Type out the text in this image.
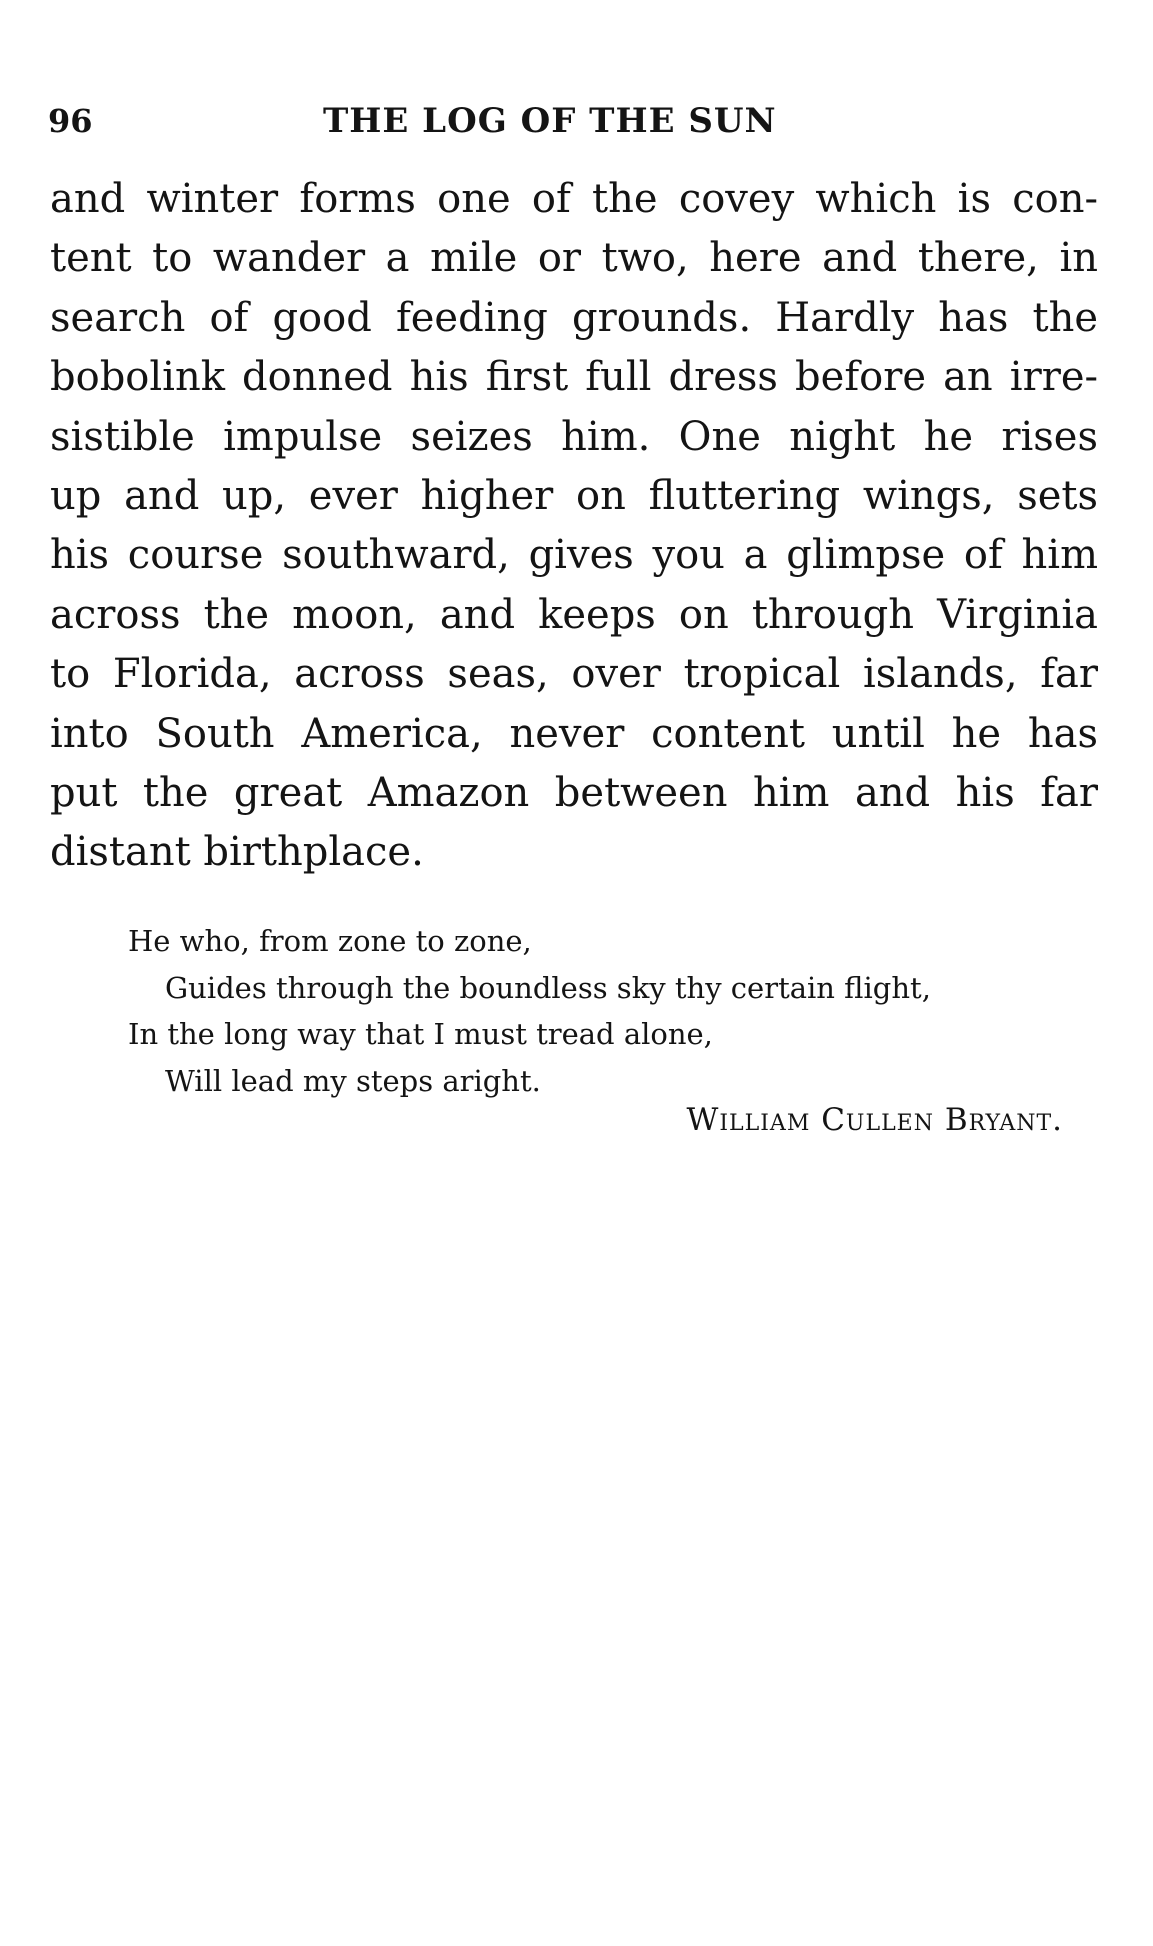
96	THE LOG OF THE SUN
and winter forms one of the covey which is con-
tent to wander a mile or two, here and there, in
search of good feeding grounds. Hardly has the
bobolink donned his first full dress before an irre-
sistible impulse seizes him. One night he rises
up and up, ever higher on fluttering wings, sets
his course southward, gives you a glimpse of him
across the moon, and keeps on through Virginia
to Florida, across seas, over tropical islands, far
into South America, never content until he has
put the great Amazon between him and his far
distant birthplace.
He who, from zone to zone,
Guides through the boundless sky thy certain flight,
In the long way that I must tread alone,
Will lead my steps aright.
William Cullen Bryant.
